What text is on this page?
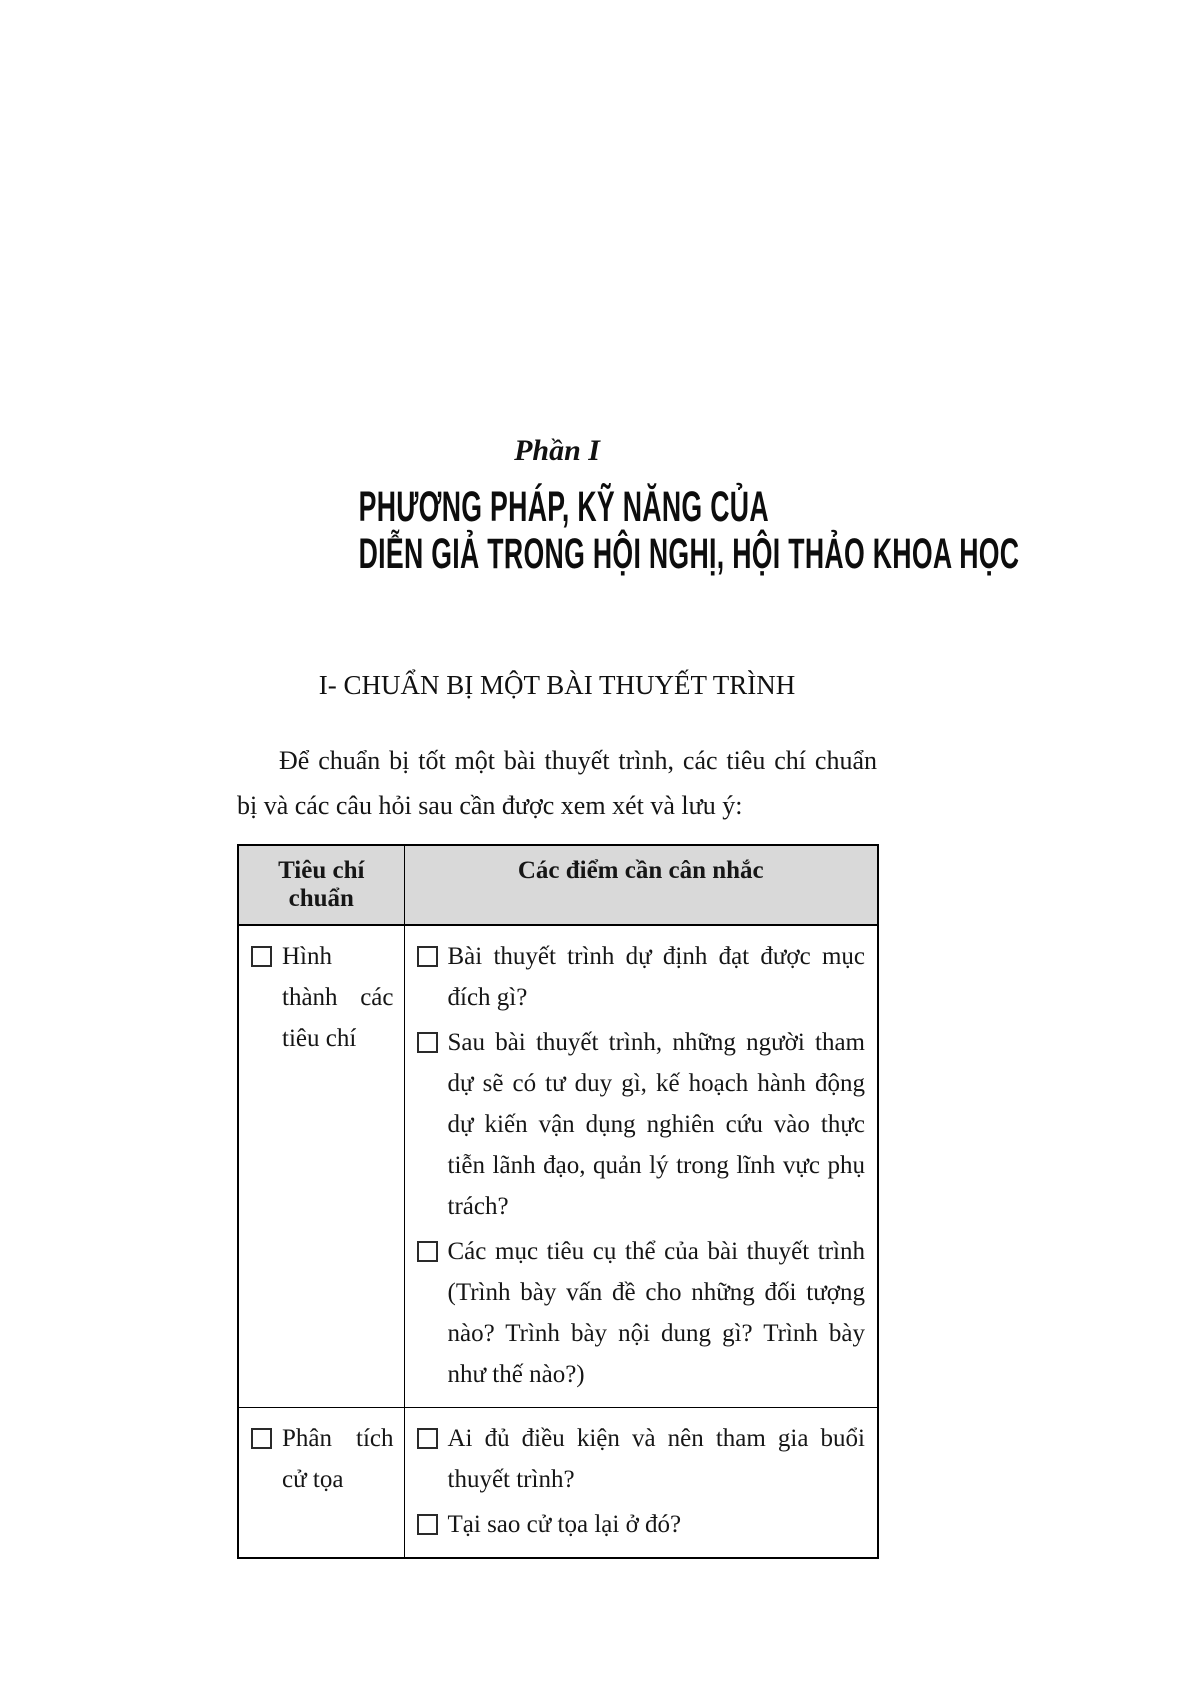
Phần I
PHƯƠNG PHÁP, KỸ NĂNG CỦA
DIỄN GIẢ TRONG HỘI NGHỊ, HỘI THẢO KHOA HỌC
I- CHUẨN BỊ MỘT BÀI THUYẾT TRÌNH

Để chuẩn bị tốt một bài thuyết trình, các tiêu chí chuẩn bị và các câu hỏi sau cần được xem xét và lưu ý:

Tiêu chí chuẩn	Các điểm cần cân nhắc

Hình thành các tiêu chí	Bài thuyết trình dự định đạt được mục đích gì?
Sau bài thuyết trình, những người tham dự sẽ có tư duy gì, kế hoạch hành động dự kiến vận dụng nghiên cứu vào thực tiễn lãnh đạo, quản lý trong lĩnh vực phụ trách?
Các mục tiêu cụ thể của bài thuyết trình (Trình bày vấn đề cho những đối tượng nào? Trình bày nội dung gì? Trình bày như thế nào?)

Phân tích cử tọa	Ai đủ điều kiện và nên tham gia buổi thuyết trình?
Tại sao cử tọa lại ở đó?
